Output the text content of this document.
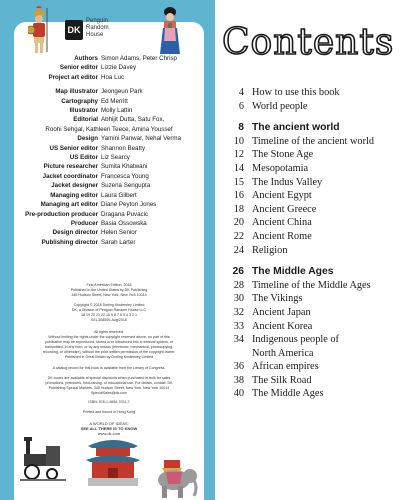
DK
Penguin
Random
House
Authors Simon Adams, Peter Chrisp
Senior editor Lizzie Davey
Project art editor Hoa Luc
Map illustrator Jeongeun Park
Cartography Ed Merritt
Illustrator Molly Lattin
Editorial Abhijit Dutta, Satu Fox,
Roohi Sehgal, Kathleen Teece, Amina Youssef
Design Yamini Panwar, Nehal Verma
US Senior editor Shannon Beatty
US Editor Liz Searcy
Picture researcher Sumita Khatwani
Jacket coordinator Francesca Young
Jacket designer Suzena Sengupta
Managing editor Laura Gilbert
Managing art editor Diane Peyton Jones
Pre-production producer Dragana Puvacic
Producer Basia Ossowska
Design director Helen Senior
Publishing director Sarah Larter

First American Edition, 2018

Published in the United States by DK Publishing

345 Hudson Street, New York, New York 10014

Copyright © 2018 Dorling Kindersley Limited

DK, a Division of Penguin Random House LLC

18 19 20 21 22 10 9 8 7 6 5 4 3 2 1

001-308500-Aug/2018

All rights reserved.

Without limiting the rights under the copyright reserved above, no part of this

publication may be reproduced, stored in or introduced into a retrieval system, or

transmitted, in any form, or by any means (electronic, mechanical, photocopying,

recording, or otherwise), without the prior written permission of the copyright owner.

Published in Great Britain by Dorling Kindersley Limited

A catalog record for this book is available from the Library of Congress.

DK books are available at special discounts when purchased in bulk for sales

promotions, premiums, fund-raising, or educational use. For details, contact: DK

Publishing Special Markets, 345 Hudson Street, New York, New York 10014

SpecialSales@dk.com

ISBN: 978-1-4654-7031-7

Printed and bound in Hong Kong

A WORLD OF IDEAS:
SEE ALL THERE IS TO KNOW
www.dk.com
Contents
4 How to use this book
6 World people
8 The ancient world
10 Timeline of the ancient world
12 The Stone Age
14 Mesopotamia
15 The Indus Valley
16 Ancient Egypt
18 Ancient Greece
20 Ancient China
22 Ancient Rome
24 Religion
26 The Middle Ages
28 Timeline of the Middle Ages
30 The Vikings
32 Ancient Japan
33 Ancient Korea
34 Indigenous people of
North America
36 African empires
38 The Silk Road
40 The Middle Ages
